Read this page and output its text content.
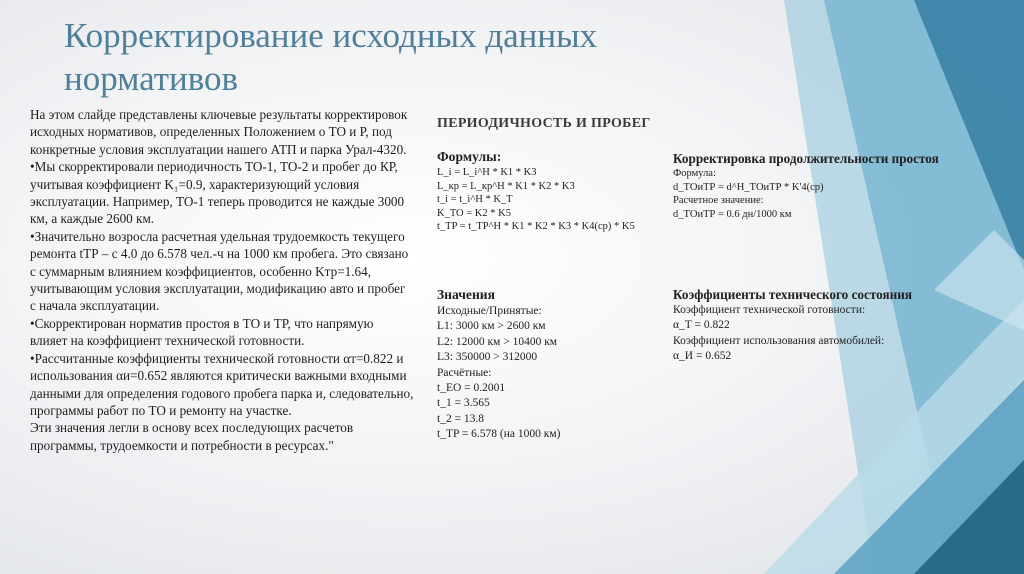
Корректирование исходных данных
нормативов

На этом слайде представлены ключевые результаты корректировок исходных нормативов, определенных Положением о ТО и Р, под конкретные условия эксплуатации нашего АТП и парка Урал-4320.

•Мы скорректировали периодичность ТО-1, ТО-2 и пробег до КР, учитывая коэффициент K₁=0.9, характеризующий условия эксплуатации. Например, ТО-1 теперь проводится не каждые 3000 км, а каждые 2600 км.

•Значительно возросла расчетная удельная трудоемкость текущего ремонта tТР – с 4.0 до 6.578 чел.-ч на 1000 км пробега. Это связано с суммарным влиянием коэффициентов, особенно Kтр=1.64, учитывающим условия эксплуатации, модификацию авто и пробег с начала эксплуатации.

•Скорректирован норматив простоя в ТО и ТР, что напрямую влияет на коэффициент технической готовности.

•Рассчитанные коэффициенты технической готовности αт=0.822 и использования αи=0.652 являются критически важными входными данными для определения годового пробега парка и, следовательно, программы работ по ТО и ремонту на участке.

Эти значения легли в основу всех последующих расчетов программы, трудоемкости и потребности в ресурсах."

ПЕРИОДИЧНОСТЬ И ПРОБЕГ
Формулы:
L_i = L_i^Н * K1 * K3
L_кр = L_кр^Н * K1 * K2 * K3
t_i = t_i^Н * K_T
K_TO = K2 * K5
t_TP = t_TP^Н * K1 * K2 * K3 * K4(ср) * K5
Корректировка продолжительности простоя
Формула:
d_TОиТР = d^Н_TОиТР * K'4(ср)
Расчетное значение:
d_TОиТР = 0.6 дн/1000 км
Значения
Исходные/Принятые:
L1: 3000 км > 2600 км
L2: 12000 км > 10400 км
L3: 350000 > 312000
Расчётные:
t_EO = 0.2001
t_1 = 3.565
t_2 = 13.8
t_TP = 6.578 (на 1000 км)
Коэффициенты технического состояния
Коэффициент технической готовности:
α_T = 0.822
Коэффициент использования автомобилей:
α_И = 0.652
